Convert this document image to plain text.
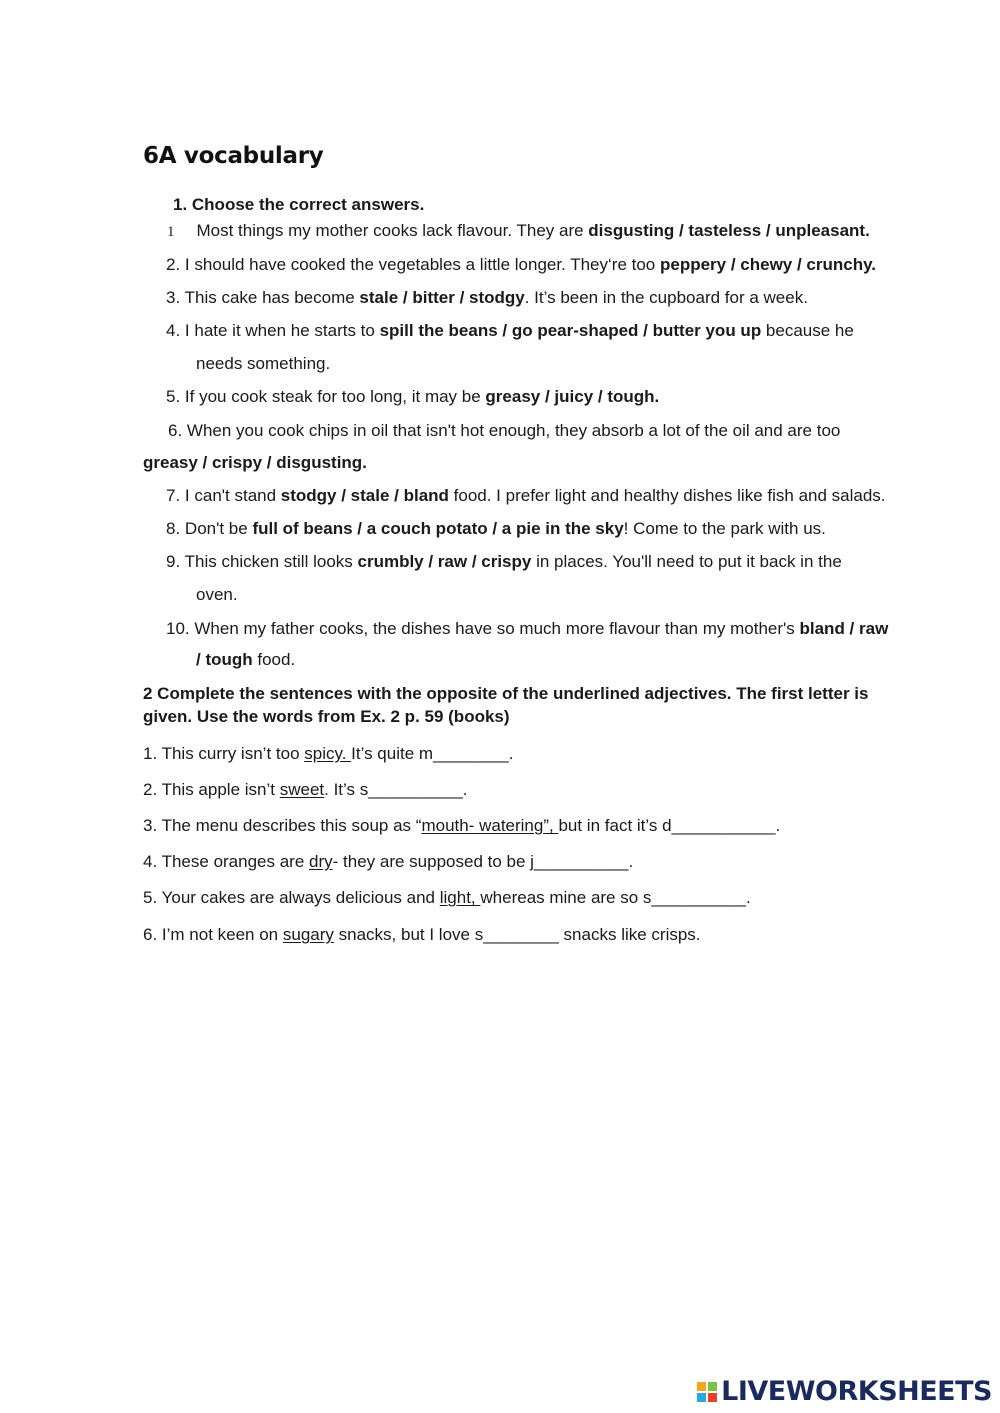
6A vocabulary
1. Choose the correct answers.
1 Most things my mother cooks lack flavour. They are disgusting / tasteless / unpleasant.
2. I should have cooked the vegetables a little longer. They‘re too peppery / chewy / crunchy.
3. This cake has become stale / bitter / stodgy. It’s been in the cupboard for a week.
4. I hate it when he starts to spill the beans / go pear-shaped / butter you up because he
needs something.
5. If you cook steak for too long, it may be greasy / juicy / tough.
6. When you cook chips in oil that isn't hot enough, they absorb a lot of the oil and are too
greasy / crispy / disgusting.
7. I can't stand stodgy / stale / bland food. I prefer light and healthy dishes like fish and salads.
8. Don't be full of beans / a couch potato / a pie in the sky! Come to the park with us.
9. This chicken still looks crumbly / raw / crispy in places. You'll need to put it back in the
oven.
10. When my father cooks, the dishes have so much more flavour than my mother's bland / raw
/ tough food.
2 Complete the sentences with the opposite of the underlined adjectives. The first letter is
given. Use the words from Ex. 2 p. 59 (books)
1. This curry isn’t too spicy. It’s quite m________.
2. This apple isn’t sweet. It’s s__________.
3. The menu describes this soup as “mouth- watering”, but in fact it’s d___________.
4. These oranges are dry- they are supposed to be j__________.
5. Your cakes are always delicious and light, whereas mine are so s__________.
6. I’m not keen on sugary snacks, but I love s________ snacks like crisps.
LIVEWORKSHEETS
